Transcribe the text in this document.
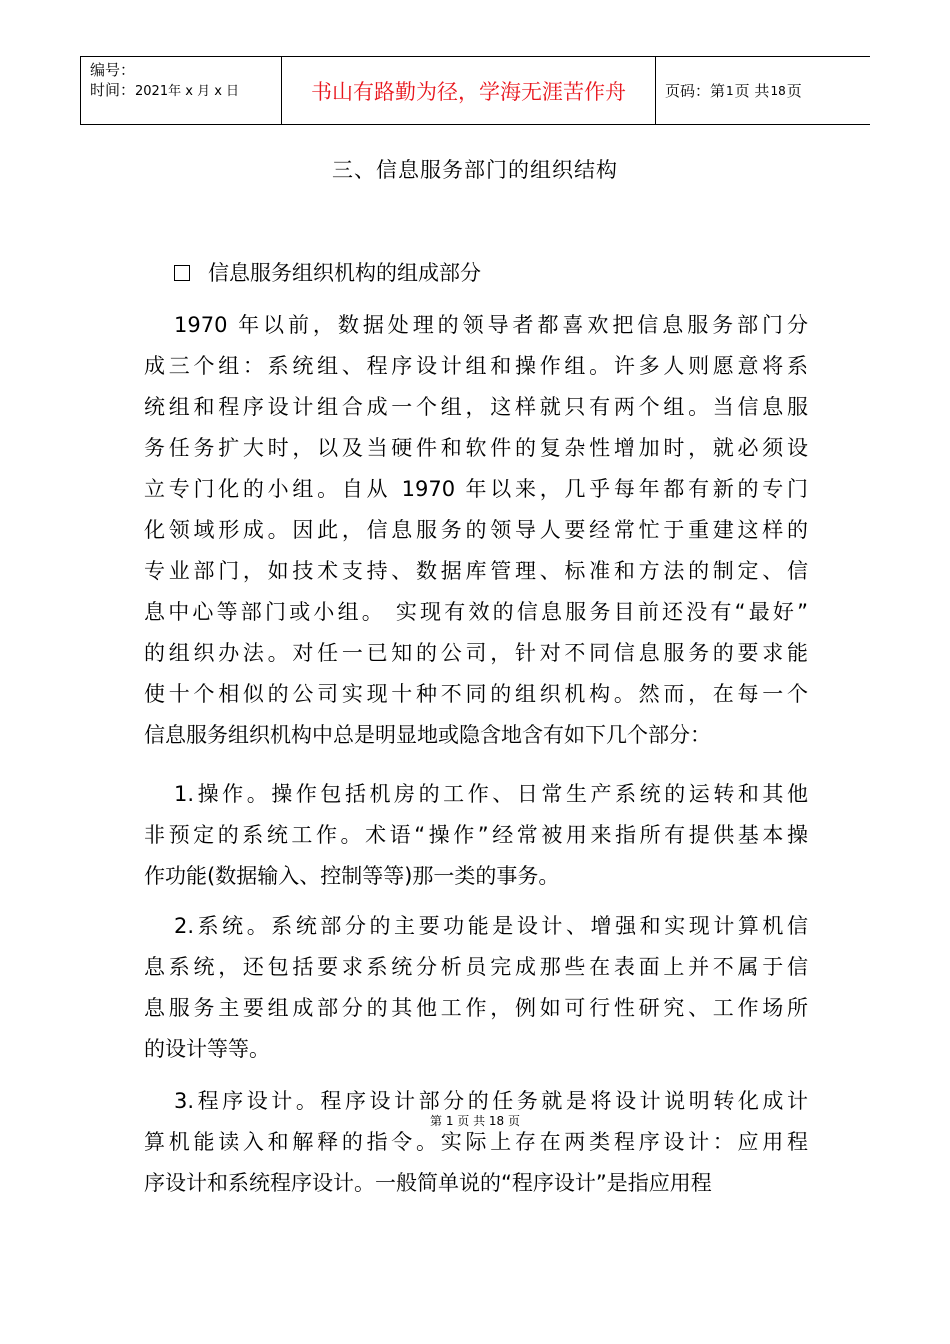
编号：
时间：2021年 x 月 x 日	书山有路勤为径，学海无涯苦作舟	页码：第 1 页 共 18 页
三、信息服务部门的组织结构
信息服务组织机构的组成部分
1970 年以前，数据处理的领导者都喜欢把信息服务部门分
成三个组：系统组、程序设计组和操作组。许多人则愿意将系
统组和程序设计组合成一个组，这样就只有两个组。当信息服
务任务扩大时，以及当硬件和软件的复杂性增加时，就必须设
立专门化的小组。自从 1970 年以来，几乎每年都有新的专门
化领域形成。因此，信息服务的领导人要经常忙于重建这样的
专业部门，如技术支持、数据库管理、标准和方法的制定、信
息中心等部门或小组。 实现有效的信息服务目前还没有“最好”
的组织办法。对任一已知的公司，针对不同信息服务的要求能
使十个相似的公司实现十种不同的组织机构。然而，在每一个
信息服务组织机构中总是明显地或隐含地含有如下几个部分：
1.操作。操作包括机房的工作、日常生产系统的运转和其他
非预定的系统工作。术语“操作”经常被用来指所有提供基本操
作功能(数据输入、控制等等)那一类的事务。
2.系统。系统部分的主要功能是设计、增强和实现计算机信
息系统，还包括要求系统分析员完成那些在表面上并不属于信
息服务主要组成部分的其他工作，例如可行性研究、工作场所
的设计等等。
3.程序设计。程序设计部分的任务就是将设计说明转化成计
算机能读入和解释的指令。实际上存在两类程序设计：应用程
序设计和系统程序设计。一般简单说的“程序设计”是指应用程
第 1 页 共 18 页
